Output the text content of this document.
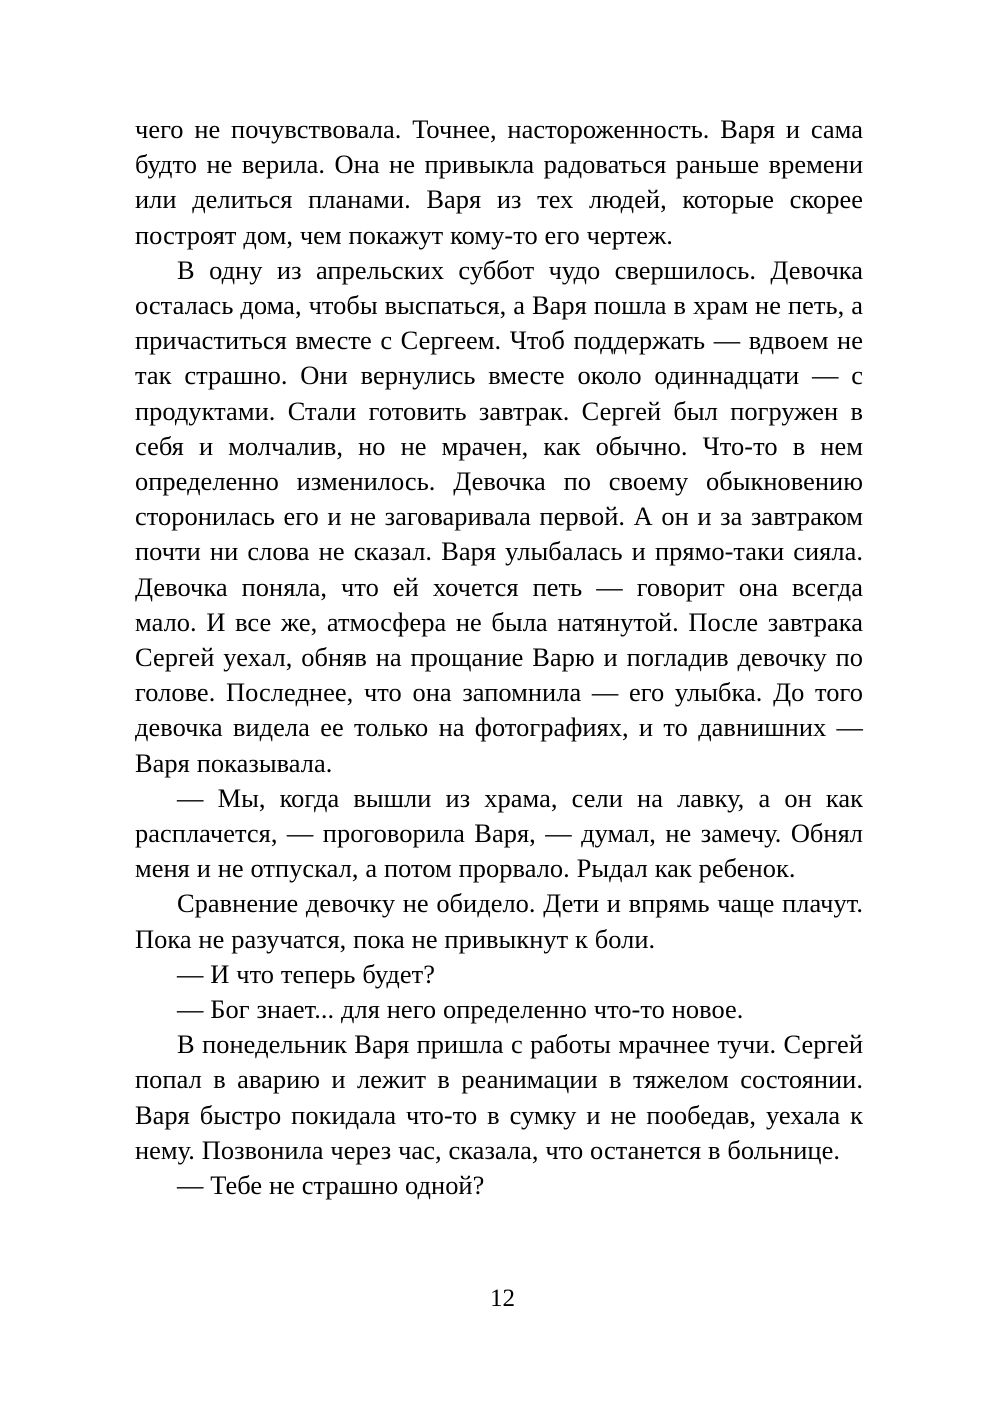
чего не почувствовала. Точнее, настороженность. Варя и сама будто не верила. Она не привыкла радоваться раньше времени или делиться планами. Варя из тех людей, которые скорее построят дом, чем покажут кому-то его чертеж.

В одну из апрельских суббот чудо свершилось. Девочка осталась дома, чтобы выспаться, а Варя пошла в храм не петь, а причаститься вместе с Сергеем. Чтоб поддержать — вдвоем не так страшно. Они вернулись вместе около одиннадцати — с продуктами. Стали готовить завтрак. Сергей был погружен в себя и молчалив, но не мрачен, как обычно. Что-то в нем определенно изменилось. Девочка по своему обыкновению сторонилась его и не заговаривала первой. А он и за завтраком почти ни слова не сказал. Варя улыбалась и прямо-таки сияла. Девочка поняла, что ей хочется петь — говорит она всегда мало. И все же, атмосфера не была натянутой. После завтрака Сергей уехал, обняв на прощание Варю и погладив девочку по голове. Последнее, что она запомнила — его улыбка. До того девочка видела ее только на фотографиях, и то давнишних — Варя показывала.

— Мы, когда вышли из храма, сели на лавку, а он как расплачется, — проговорила Варя, — думал, не замечу. Обнял меня и не отпускал, а потом прорвало. Рыдал как ребенок.

Сравнение девочку не обидело. Дети и впрямь чаще плачут. Пока не разучатся, пока не привыкнут к боли.

— И что теперь будет?

— Бог знает... для него определенно что-то новое.

В понедельник Варя пришла с работы мрачнее тучи. Сергей попал в аварию и лежит в реанимации в тяжелом состоянии. Варя быстро покидала что-то в сумку и не пообедав, уехала к нему. Позвонила через час, сказала, что останется в больнице.

— Тебе не страшно одной?

12
